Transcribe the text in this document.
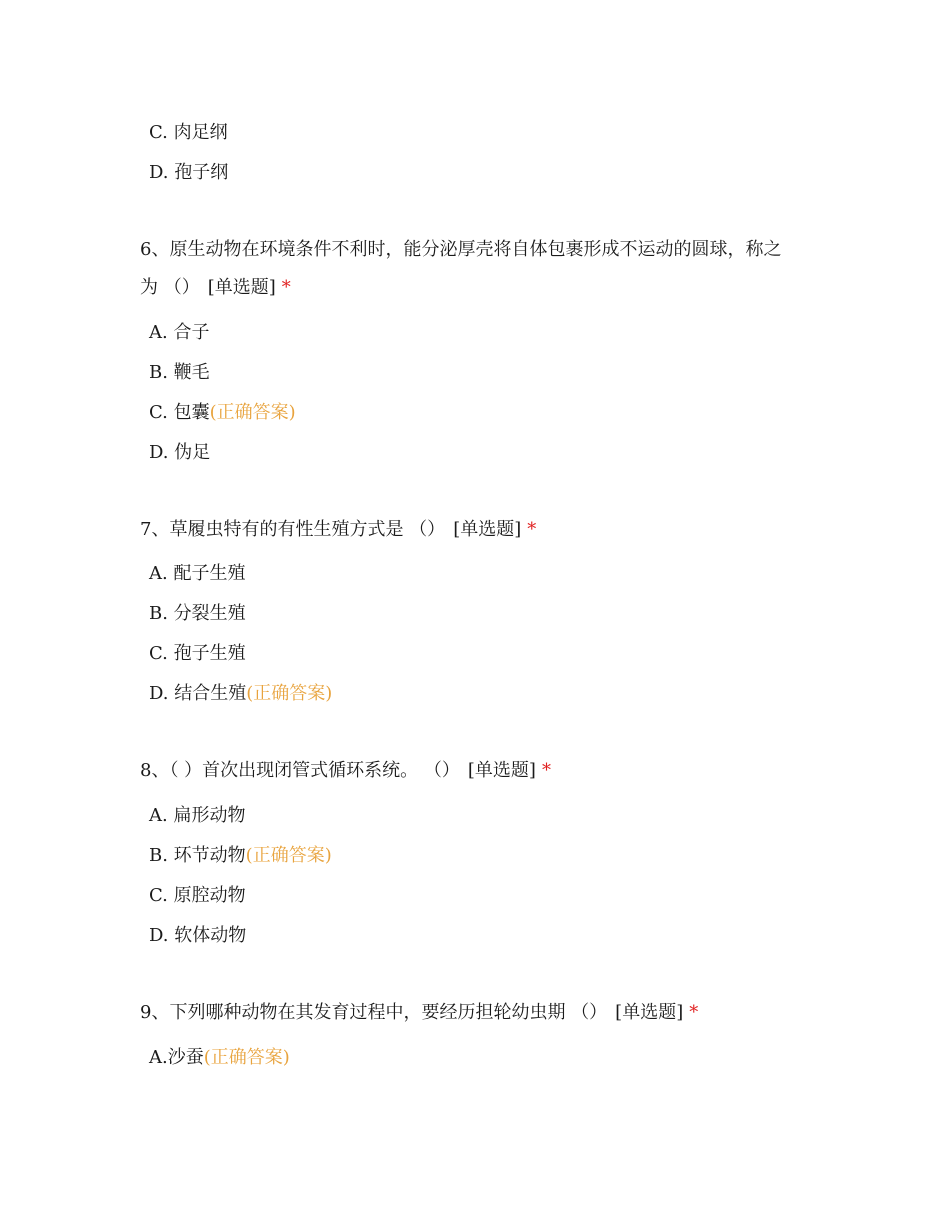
C. 肉足纲
D. 孢子纲
6、原生动物在环境条件不利时，能分泌厚壳将自体包裹形成不运动的圆球，称之
为 （） [单选题] *
A. 合子
B. 鞭毛
C. 包囊(正确答案)
D. 伪足
7、草履虫特有的有性生殖方式是 （） [单选题] *
A. 配子生殖
B. 分裂生殖
C. 孢子生殖
D. 结合生殖(正确答案)
8、（ ）首次出现闭管式循环系统。 （） [单选题] *
A. 扁形动物
B. 环节动物(正确答案)
C. 原腔动物
D. 软体动物
9、下列哪种动物在其发育过程中，要经历担轮幼虫期 （） [单选题] *
A.沙蚕(正确答案)
